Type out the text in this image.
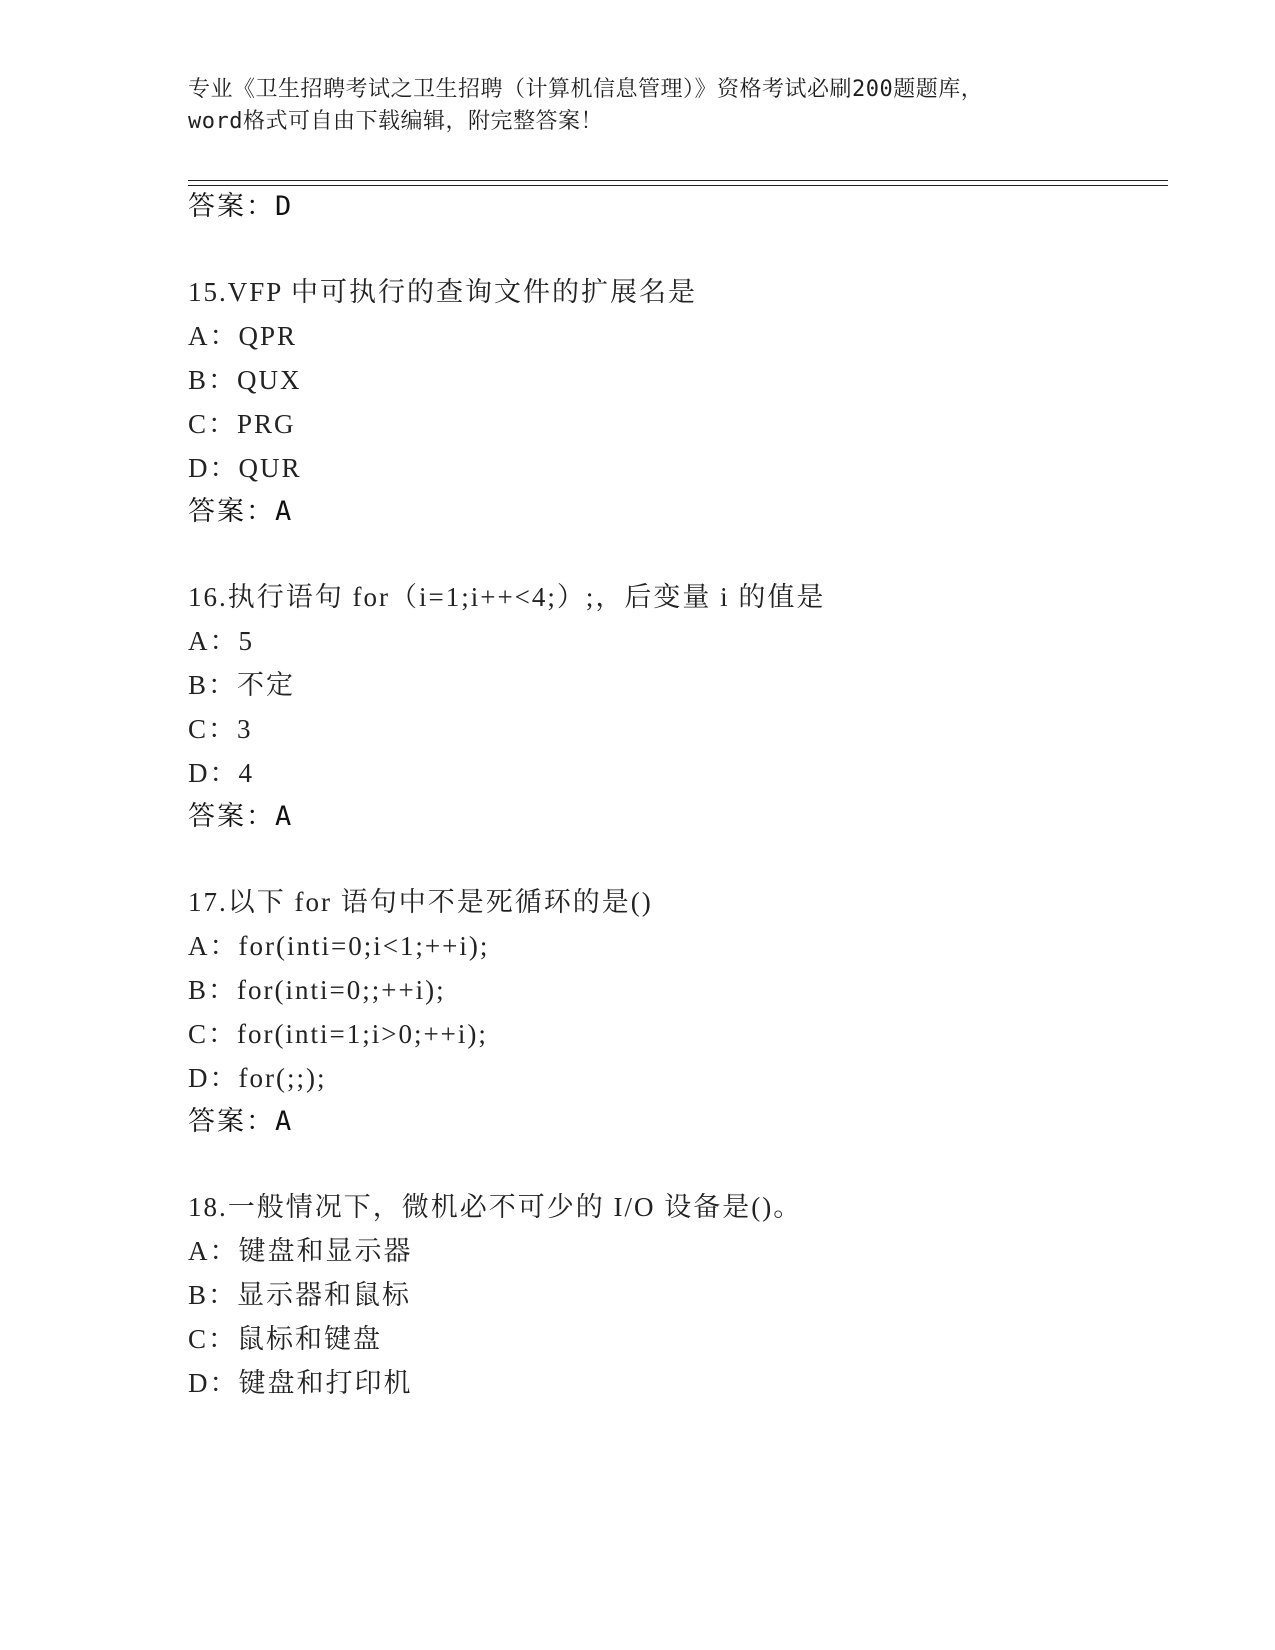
专业《卫生招聘考试之卫生招聘（计算机信息管理）》资格考试必刷200题题库，
word格式可自由下载编辑，附完整答案！
答案：D
15.VFP 中可执行的查询文件的扩展名是
A：QPR
B：QUX
C：PRG
D：QUR
答案：A
16.执行语句 for（i=1;i++<4;）;，后变量 i 的值是
A：5
B：不定
C：3
D：4
答案：A
17.以下 for 语句中不是死循环的是()
A：for(inti=0;i<1;++i);
B：for(inti=0;;++i);
C：for(inti=1;i>0;++i);
D：for(;;);
答案：A
18.一般情况下，微机必不可少的 I/O 设备是()。
A：键盘和显示器
B：显示器和鼠标
C：鼠标和键盘
D：键盘和打印机
